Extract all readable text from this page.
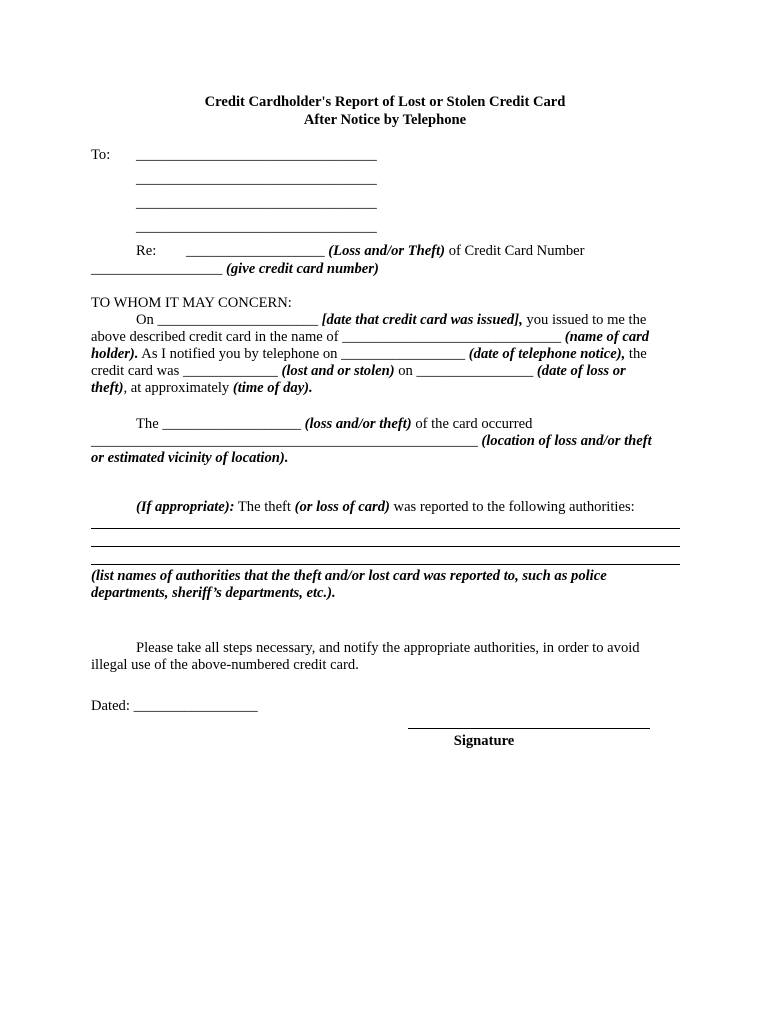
Credit Cardholder's Report of Lost or Stolen Credit Card
After Notice by Telephone
To: _________________________________
_________________________________
_________________________________
_________________________________
Re: ___________________ (Loss and/or Theft) of Credit Card Number
__________________ (give credit card number)
TO WHOM IT MAY CONCERN:
On ______________________ [date that credit card was issued], you issued to me the
above described credit card in the name of ______________________________ (name of card
holder). As I notified you by telephone on _________________ (date of telephone notice), the
credit card was _____________ (lost and or stolen) on ________________ (date of loss or
theft), at approximately (time of day).
The ___________________ (loss and/or theft) of the card occurred
_____________________________________________________ (location of loss and/or theft
or estimated vicinity of location).
(If appropriate): The theft (or loss of card) was reported to the following authorities:
(list names of authorities that the theft and/or lost card was reported to, such as police
departments, sheriff’s departments, etc.).
Please take all steps necessary, and notify the appropriate authorities, in order to avoid
illegal use of the above-numbered credit card.
Dated: _________________
Signature
